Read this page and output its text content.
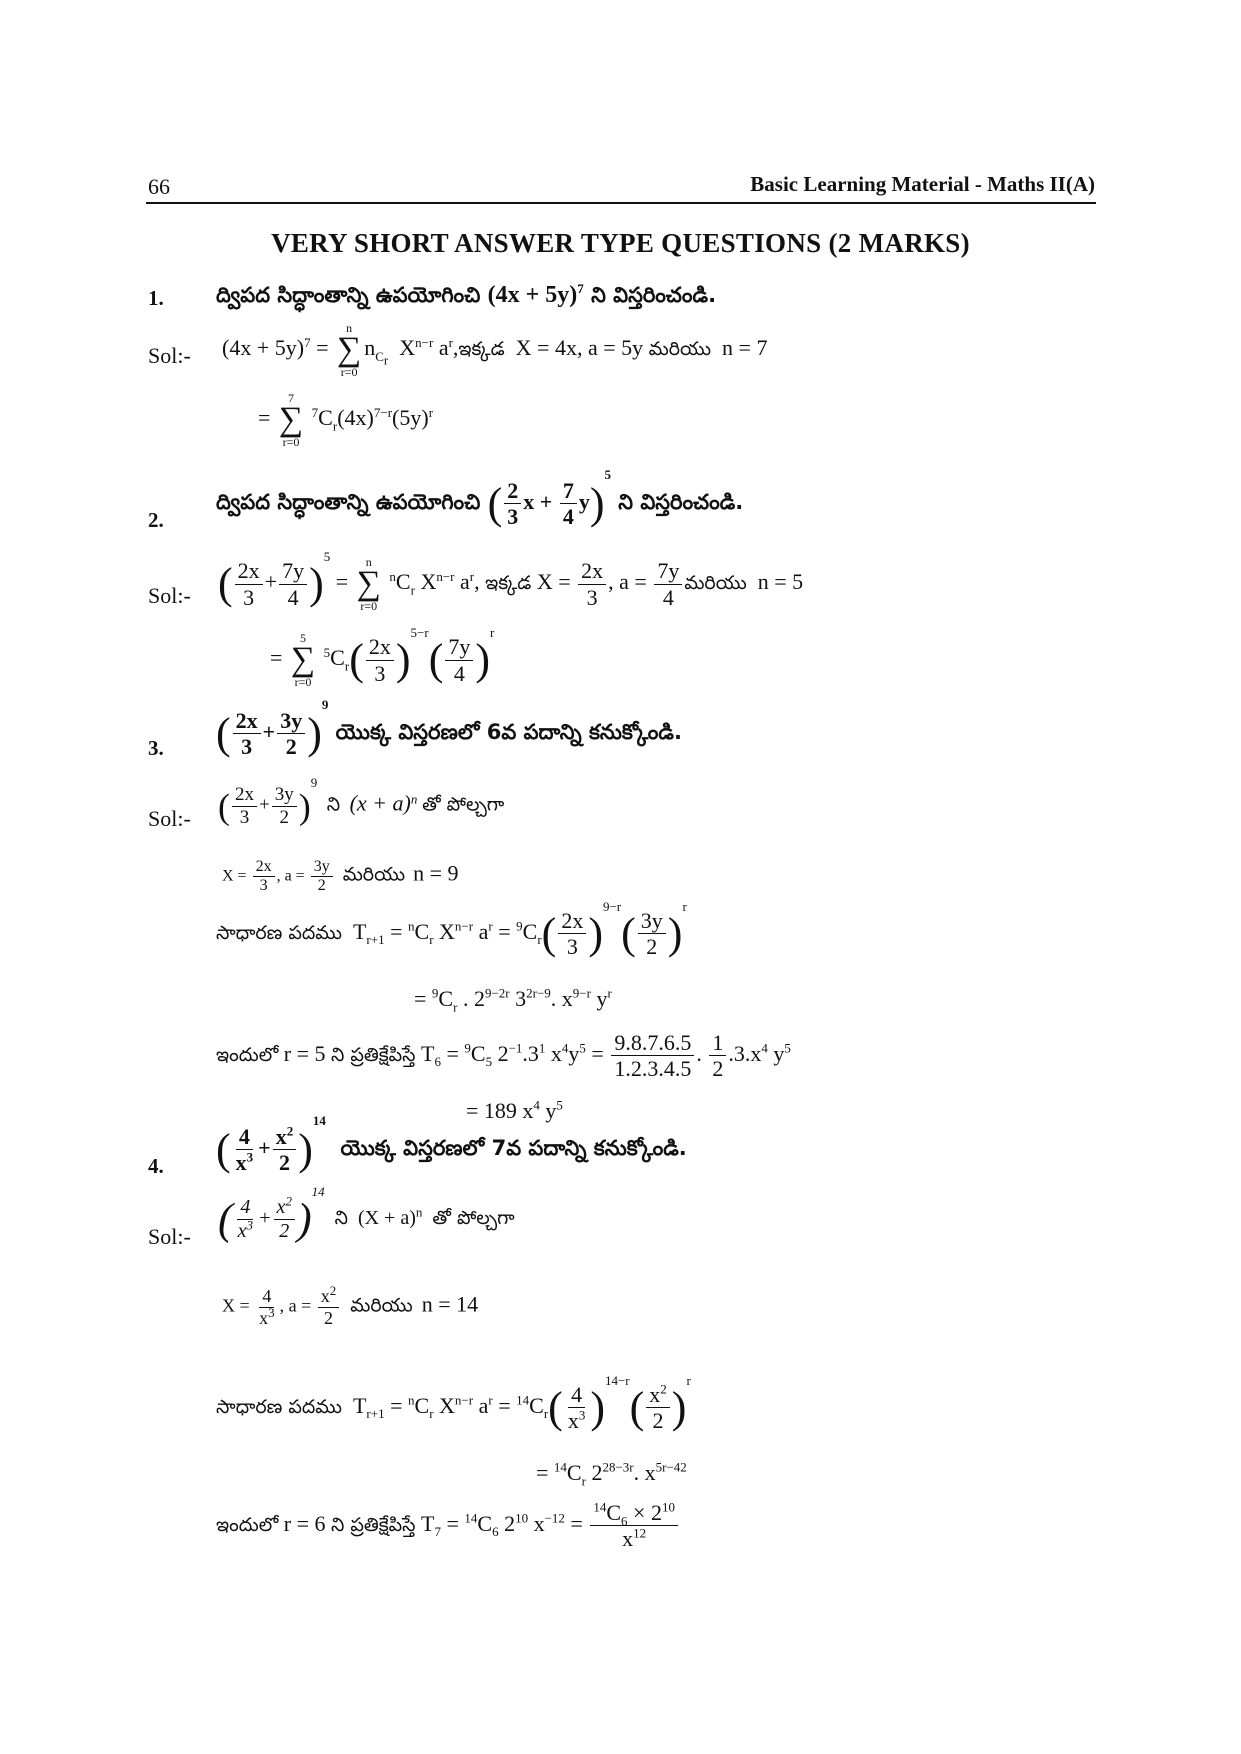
66	Basic Learning Material - Maths II(A)
VERY SHORT ANSWER TYPE QUESTIONS (2 MARKS)
1. ద్విపద సిద్ధాంతాన్ని ఉపయోగించి $(4x + 5y)^7$ ని విస్తరించండి.
Sol:- $(4x + 5y)^7$ =
n
∑
r=0
$n_{C_r}$  $X^{n-r}$ $a^r,ఇక్కడ$  X = 4x, a = 5y మరియు  n = 7
=
7
∑
r=0
$^7C_r(4x)^{7-r}(5y)^r$
2.
ద్విపద సిద్ధాంతాన్ని ఉపయోగించి ( $\frac{2}{3}$ $x + \frac{7}{4} y)^5$ ని విస్తరించండి.
Sol:- ( $\frac{2x}{3} + \frac{7y}{4} )^5$ =
n
∑
r=0
$^nC_r$ $X^{n-r}$ $a^r$, ఇక్కడ $X = \frac{2x}{3}$ , $a = \frac{7y}{4}$ మరియు  n = 5
=
5
∑
r=0
$^5C_r( \frac{2x}{3} )^{5-r}( \frac{7y}{4} )^r$
3. ( $\frac{2x}{3} + \frac{3y}{2} )^9$ యొక్క విస్తరణలో 6వ పదాన్ని కనుక్కోండి.
Sol:- ( $\frac{2x}{3} + \frac{3y}{2} )^9$  ని $(x + a)^n$ తో పోల్చగా
$X = \frac{2x}{3}$ , $a = \frac{3y}{2}$ మరియు n = 9
సాధారణ పదము  $T_{r+1} = ^nC_r$ $X^{n-r}$ $a^r = ^9C_r( \frac{2x}{3} )^{9-r}( \frac{3y}{2} )^r$
= $^9C_r$ . $2^{9-2r}$ $3^{2r-9}$. $x^{9-r}$ $y^r$
ఇందులో r = 5 ని ప్రతిక్షేపిస్తే $T_6 = ^9C_5$ $2^{-1}.3^1$ $x^4y^5 = \frac{9.8.7.6.5}{1.2.3.4.5}$ . $\frac{1}{2} .3.x^4$ $y^5$
= 189 $x^4$ $y^5$
4. ( $\frac{4}{x^3} + \frac{x^2}{2} )^{14}$  యొక్క విస్తరణలో 7వ పదాన్ని కనుక్కోండి.
Sol:- ( $\frac{4}{x^3} + \frac{x^2}{2} )^{14}$  ని  $(X + a)^n$ తో పోల్చగా
$X = \frac{4}{x^3}$ , $a = \frac{x^2}{2}$ మరియు n = 14
సాధారణ పదము  $T_{r+1} = ^nC_r$ $X^{n-r}$ $a^r = ^{14}C_r( \frac{4}{x^3} )^{14-r}( \frac{x^2}{2} )^r$
= $^{14}C_r$ $2^{28-3r}$. $x^{5r-42}$
ఇందులో r = 6 ని ప్రతిక్షేపిస్తే $T_7 = ^{14}C_6$ $2^{10}$ $x^{-12} = \frac{^{14}C_6 \times 2^{10}}{x^{12}}$
